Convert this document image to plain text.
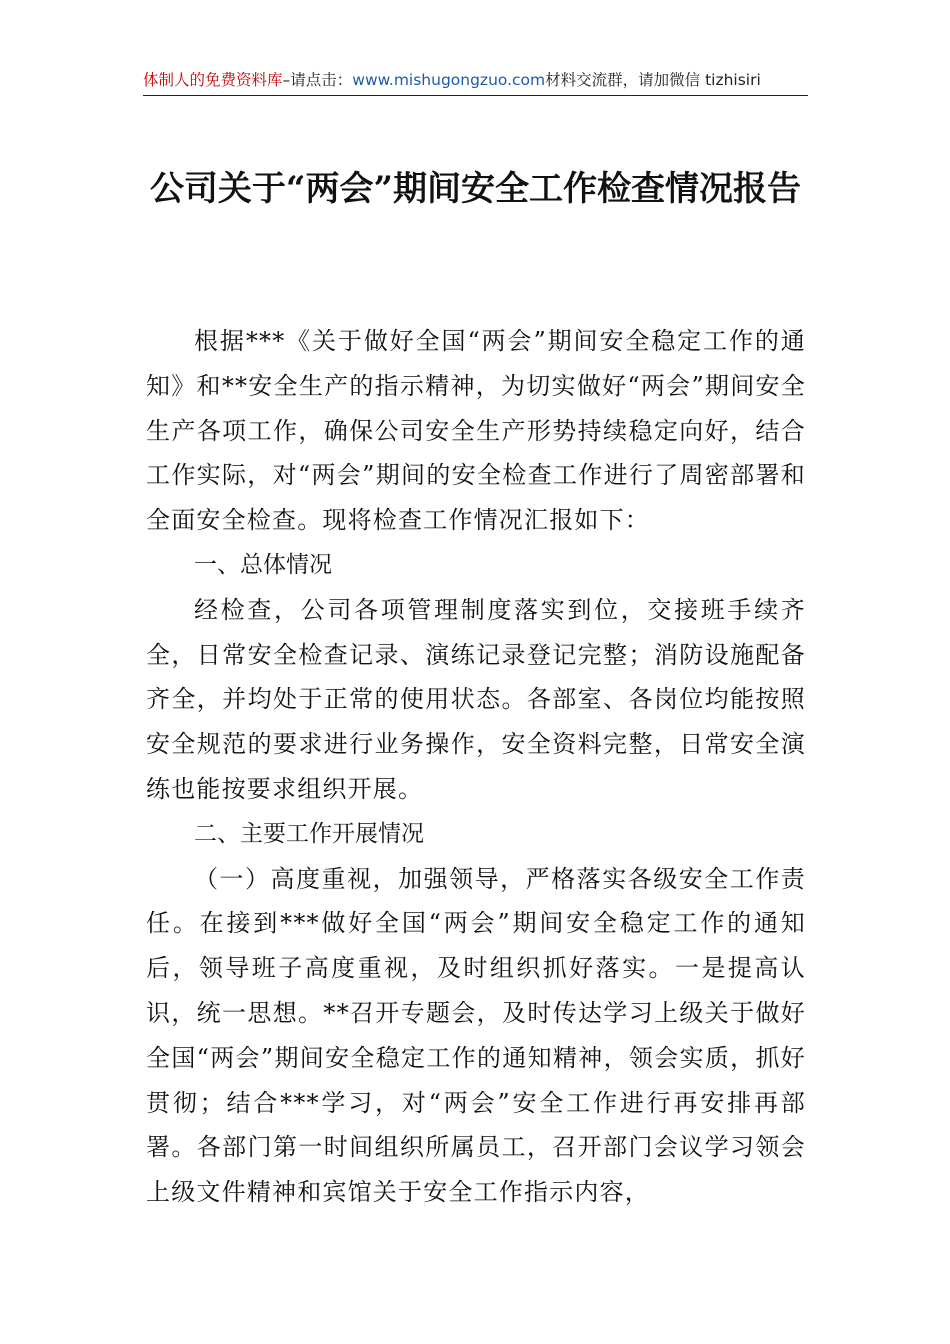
体制人的免费资料库–请点击：www.mishugongzuo.com材料交流群，请加微信 tizhisiri
公司关于“两会”期间安全工作检查情况报告

根据***《关于做好全国“两会”期间安全稳定工作的通知》和**安全生产的指示精神，为切实做好“两会”期间安全生产各项工作，确保公司安全生产形势持续稳定向好，结合工作实际，对“两会”期间的安全检查工作进行了周密部署和全面安全检查。现将检查工作情况汇报如下：

一、总体情况

经检查，公司各项管理制度落实到位，交接班手续齐全，日常安全检查记录、演练记录登记完整；消防设施配备齐全，并均处于正常的使用状态。各部室、各岗位均能按照安全规范的要求进行业务操作，安全资料完整，日常安全演练也能按要求组织开展。

二、主要工作开展情况

（一）高度重视，加强领导，严格落实各级安全工作责任。在接到***做好全国“两会”期间安全稳定工作的通知后，领导班子高度重视，及时组织抓好落实。一是提高认识，统一思想。**召开专题会，及时传达学习上级关于做好全国“两会”期间安全稳定工作的通知精神，领会实质，抓好贯彻；结合***学习，对“两会”安全工作进行再安排再部署。各部门第一时间组织所属员工，召开部门会议学习领会上级文件精神和宾馆关于安全工作指示内容，
